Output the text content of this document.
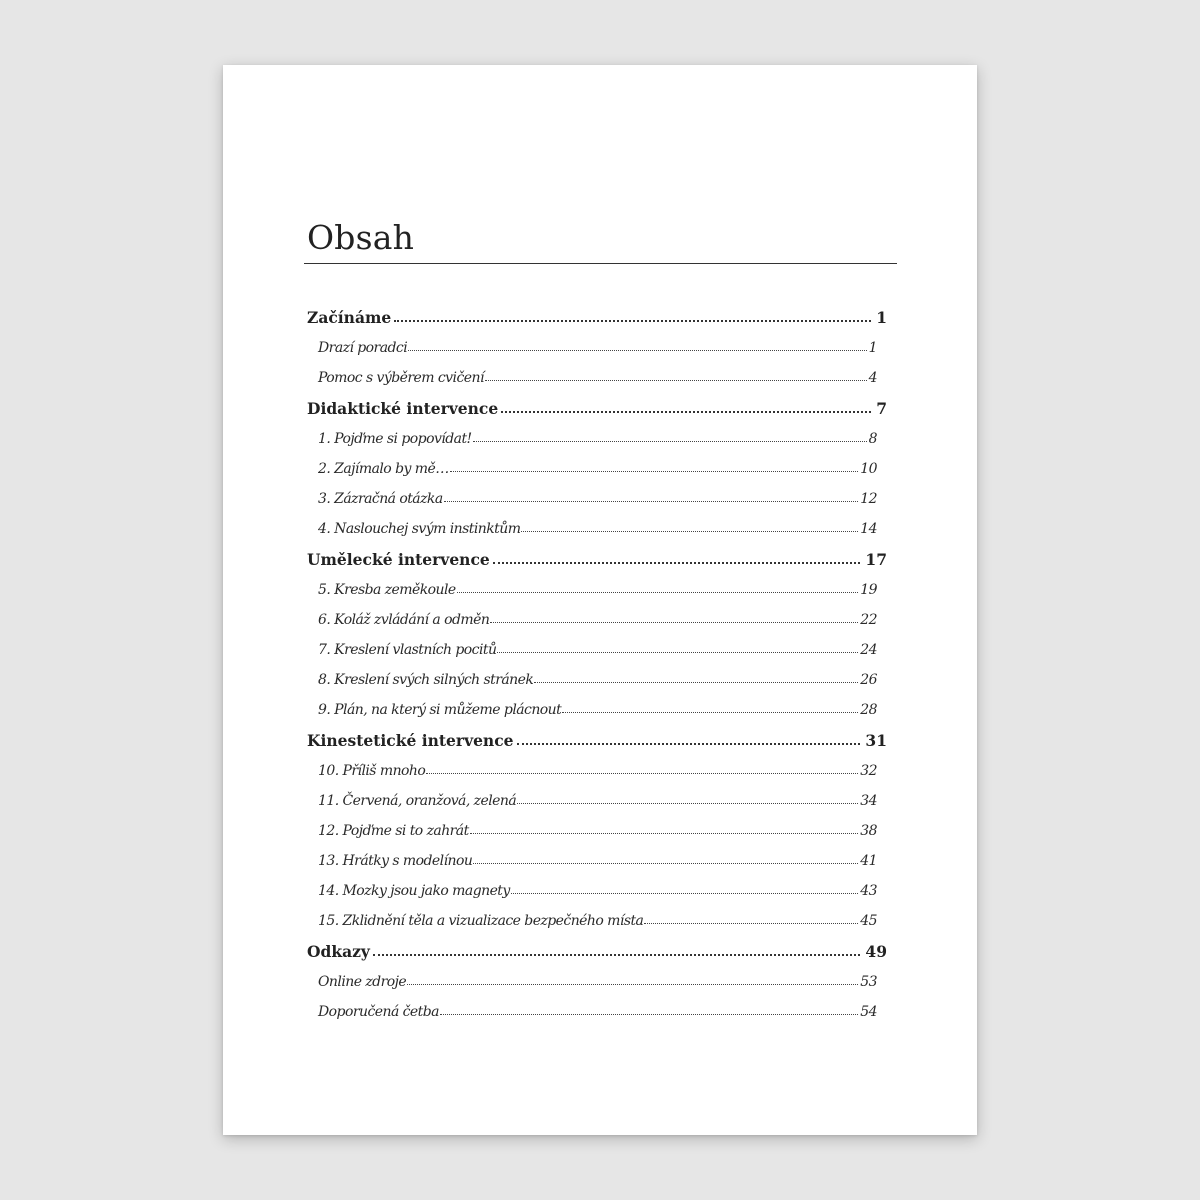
Obsah
Začínáme	1
Drazí poradci	1
Pomoc s výběrem cvičení	4
Didaktické intervence	7
1. Pojďme si popovídat!	8
2. Zajímalo by mě…	10
3. Zázračná otázka	12
4. Naslouchej svým instinktům	14
Umělecké intervence	17
5. Kresba zeměkoule	19
6. Koláž zvládání a odměn	22
7. Kreslení vlastních pocitů	24
8. Kreslení svých silných stránek	26
9. Plán, na který si můžeme plácnout	28
Kinestetické intervence	31
10. Příliš mnoho	32
11. Červená, oranžová, zelená	34
12. Pojďme si to zahrát	38
13. Hrátky s modelínou	41
14. Mozky jsou jako magnety	43
15. Zklidnění těla a vizualizace bezpečného místa	45
Odkazy	49
Online zdroje	53
Doporučená četba	54
